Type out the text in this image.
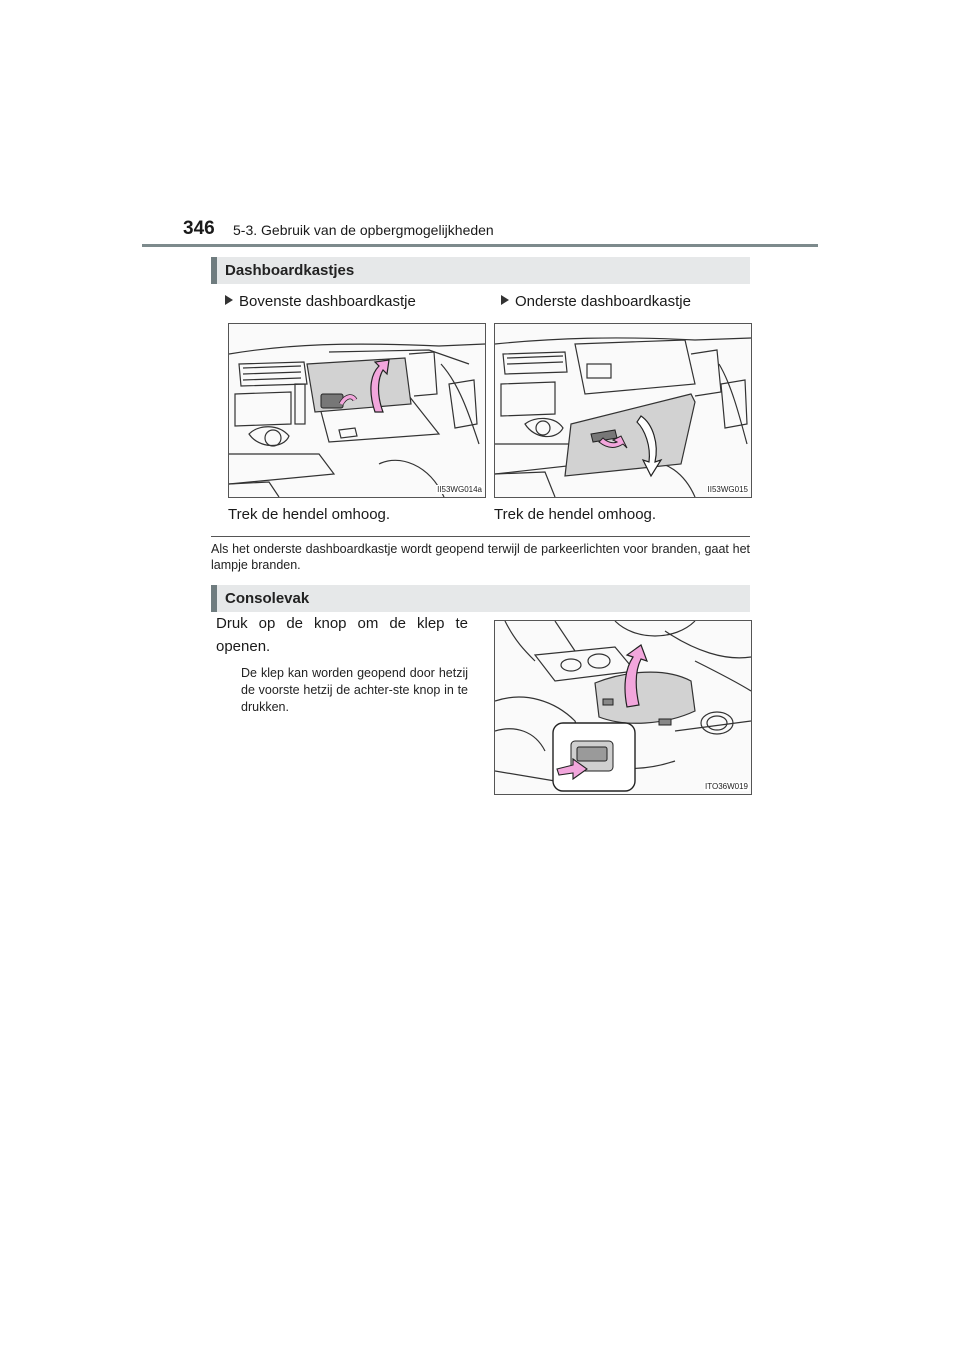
346 5-3. Gebruik van de opbergmogelijkheden
Dashboardkastjes
Bovenste dashboardkastje	Onderste dashboardkastje
II53WG014a	II53WG015
Trek de hendel omhoog.	Trek de hendel omhoog.
Als het onderste dashboardkastje wordt geopend terwijl de parkeerlichten voor branden, gaat het lampje branden.
Consolevak
Druk op de knop om de klep te openen.
De klep kan worden geopend door hetzij de voorste hetzij de achter-ste knop in te drukken.
ITO36W019
